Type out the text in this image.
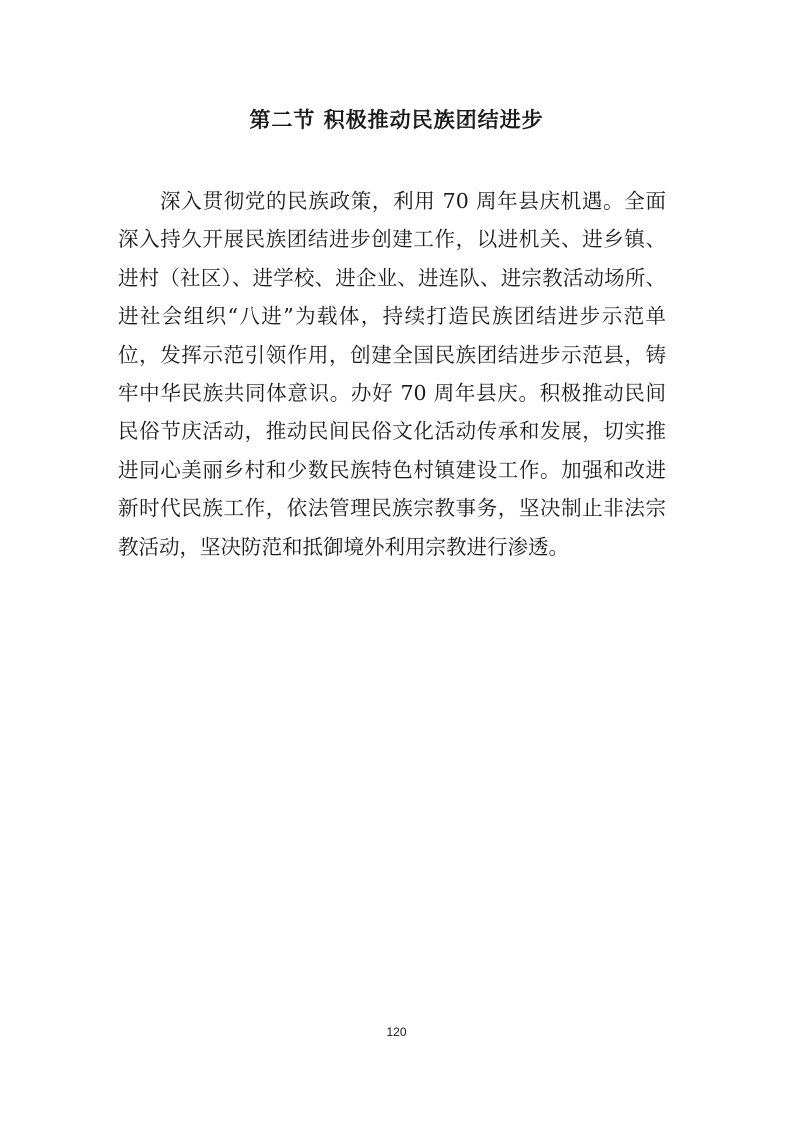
第二节 积极推动民族团结进步

深入贯彻党的民族政策，利用 70 周年县庆机遇。全面
深入持久开展民族团结进步创建工作，以进机关、进乡镇、
进村（社区）、进学校、进企业、进连队、进宗教活动场所、
进社会组织“八进”为载体，持续打造民族团结进步示范单
位，发挥示范引领作用，创建全国民族团结进步示范县，铸
牢中华民族共同体意识。办好 70 周年县庆。积极推动民间
民俗节庆活动，推动民间民俗文化活动传承和发展，切实推
进同心美丽乡村和少数民族特色村镇建设工作。加强和改进
新时代民族工作，依法管理民族宗教事务，坚决制止非法宗
教活动，坚决防范和抵御境外利用宗教进行渗透。

120
